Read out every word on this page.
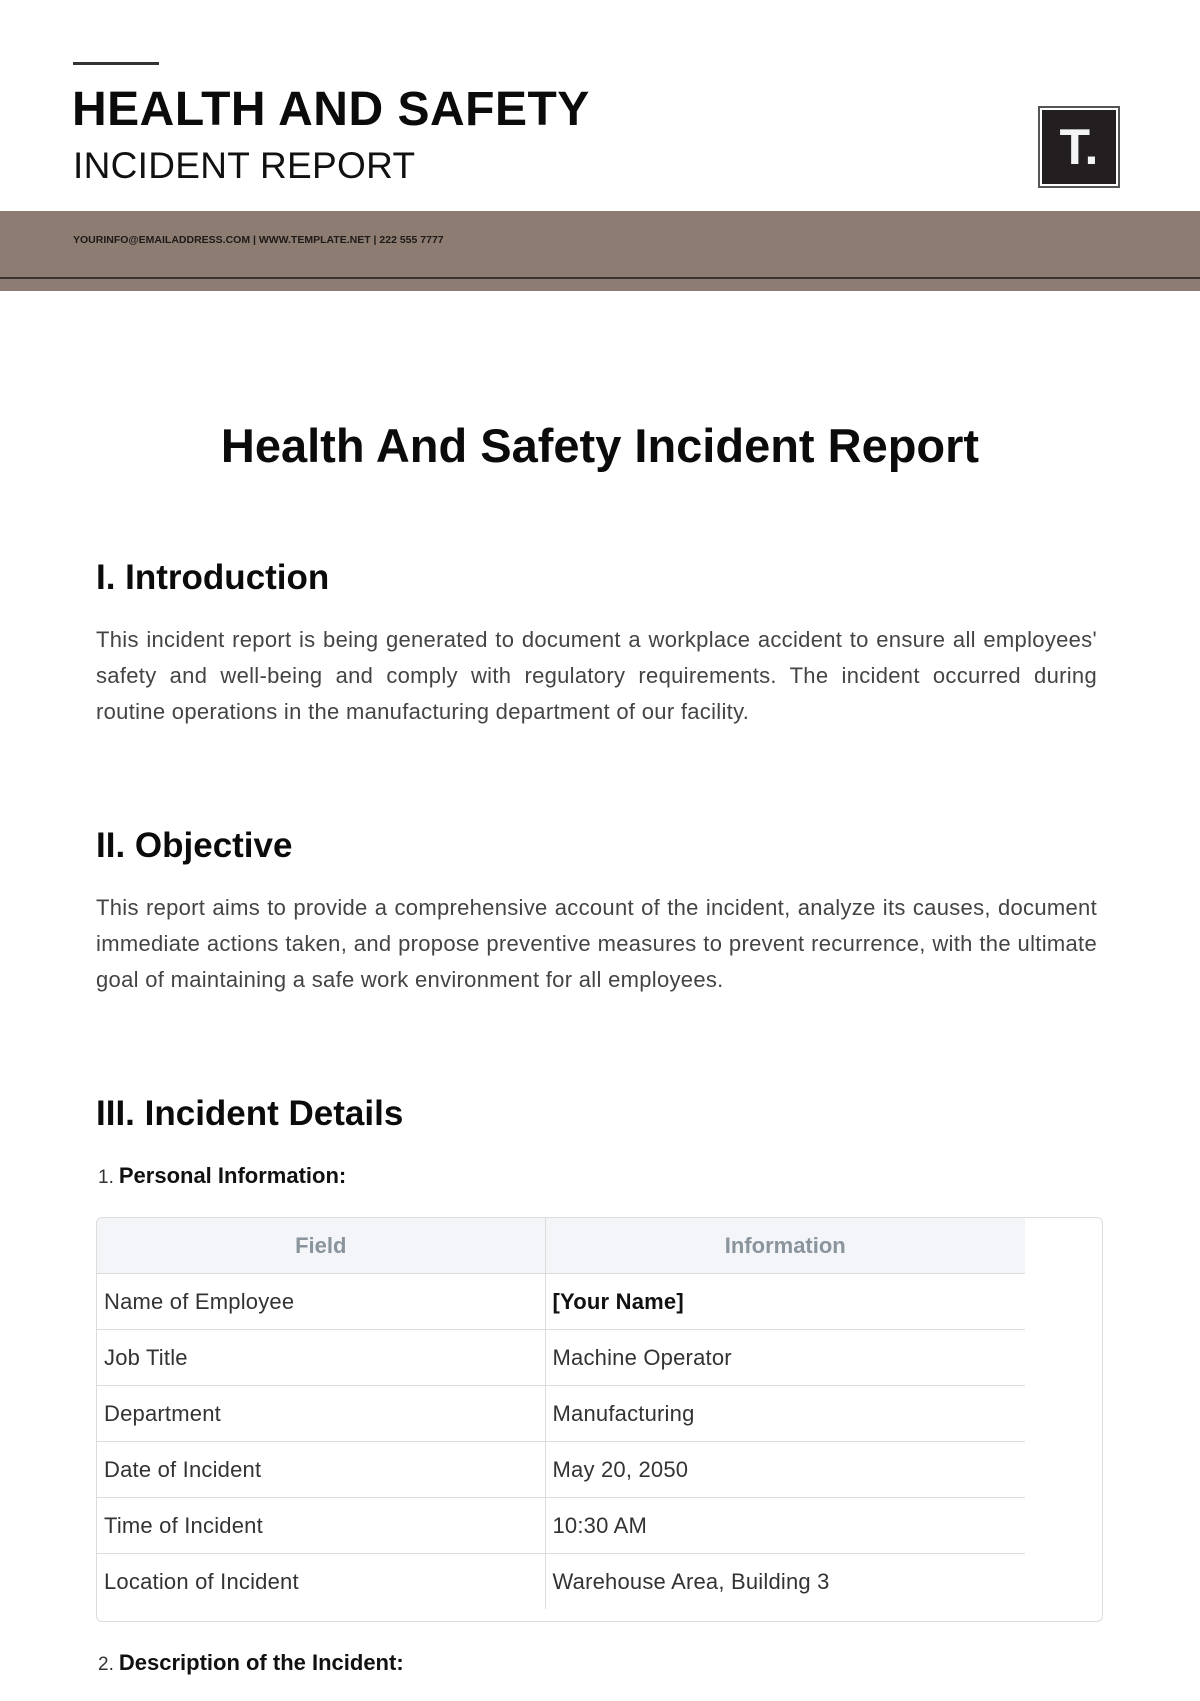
HEALTH AND SAFETY
INCIDENT REPORT	T.
YOURINFO@EMAILADDRESS.COM | WWW.TEMPLATE.NET | 222 555 7777
Health And Safety Incident Report
I. Introduction
This incident report is being generated to document a workplace accident to ensure all employees' safety and well-being and comply with regulatory requirements. The incident occurred during routine operations in the manufacturing department of our facility.
II. Objective
This report aims to provide a comprehensive account of the incident, analyze its causes, document immediate actions taken, and propose preventive measures to prevent recurrence, with the ultimate goal of maintaining a safe work environment for all employees.
III. Incident Details
1. Personal Information:
Field	Information
Name of Employee	[Your Name]
Job Title	Machine Operator
Department	Manufacturing
Date of Incident	May 20, 2050
Time of Incident	10:30 AM
Location of Incident	Warehouse Area, Building 3
2. Description of the Incident:
